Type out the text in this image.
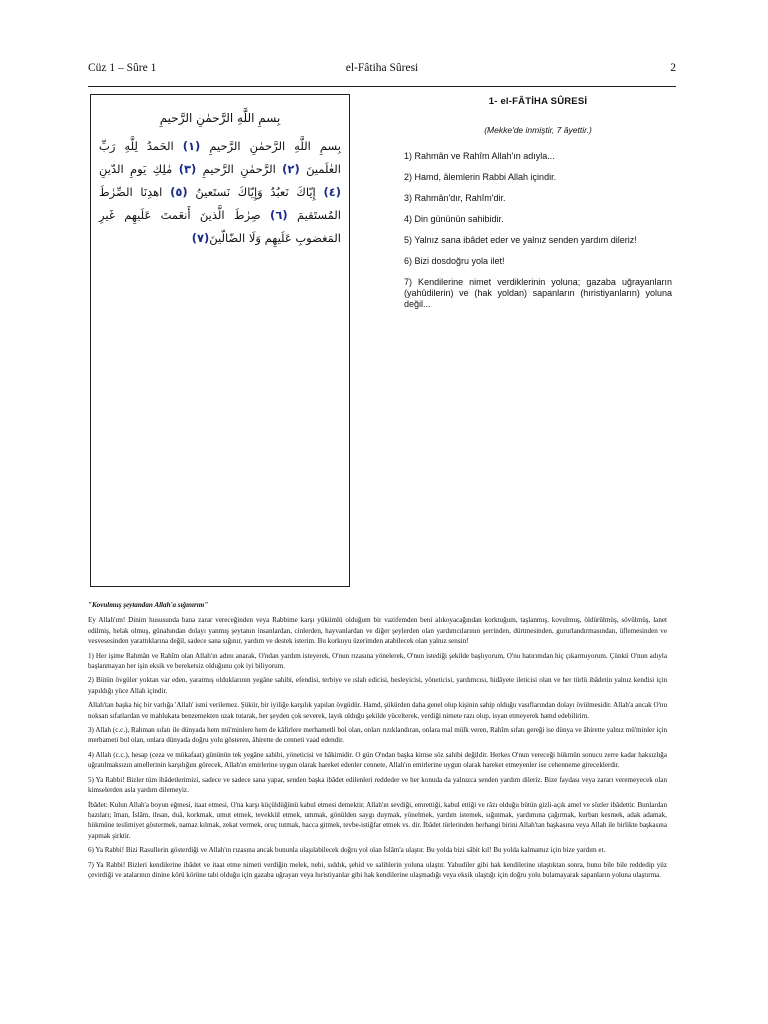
Cüz 1 – Sûre 1	el-Fâtiha Sûresi	2
بِسمِ اللَّهِ الرَّحمٰنِ الرَّحيمِ
بِسمِ اللَّهِ الرَّحمٰنِ الرَّحيمِ (١) الحَمدُ لِلَّهِ رَبِّ العٰلَمينَ (٢) الرَّحمٰنِ الرَّحيمِ (٣) مٰلِكِ يَومِ الدّينِ (٤) إِيّاكَ نَعبُدُ وَإِيّاكَ نَستَعينُ (٥) اهدِنَا الصِّرٰطَ المُستَقيمَ (٦) صِرٰطَ الَّذينَ أَنعَمتَ عَلَيهِم غَيرِ المَغضوبِ عَلَيهِم وَلَا الضّالّينَ(٧)

1- el-FÂTİHA SÛRESİ

(Mekke'de inmiştir, 7 âyettir.)

1) Rahmân ve Rahîm Allah'ın adıyla...

2) Hamd, âlemlerin Rabbi Allah içindir.

3) Rahmân'dır, Rahîm'dir.

4) Din gününün sahibidir.

5) Yalnız sana ibâdet eder ve yalnız senden yardım dileriz!

6) Bizi dosdoğru yola ilet!

7) Kendilerine nimet verdiklerinin yoluna; gazaba uğrayanların (yahûdilerin) ve (hak yoldan) sapanların (hıristiyanların) yoluna değil...

"Kovulmuş şeytandan Allah'a sığınırım"

Ey Allah'ım! Dinim hususunda bana zarar vereceğinden veya Rabbime karşı yükümlü olduğum bir vazifemden beni alıkoyacağından korktuğum, taşlanmış, kovulmuş, öldürülmüş, sövülmüş, lanet edilmiş, helak olmuş, günahından dolayı yanmış şeytanın insanlardan, cinlerden, hayvanlardan ve diğer şeylerden olan yardımcılarının şerrinden, dürtmesinden, gururlandırmasından, üflemesinden ve vesvesesinden yarattıklarına değil, sadece sana sığınır, yardım ve destek isterim. Bu korkuyu üzerimden atabilecek olan yalnız sensin!

1) Her işime Rahmân ve Rahîm olan Allah'ın adını anarak, O'ndan yardım isteyerek, O'nun rızasına yönelerek, O'nun istediği şekilde başlıyorum, O'nu hatırımdan hiç çıkarmıyorum. Çünkü O'nun adıyla başlanmayan her işin eksik ve bereketsiz olduğunu çok iyi biliyorum.

2) Bütün övgüler yoktan var eden, yaratmış olduklarının yegâne sahibi, efendisi, terbiye ve ıslah edicisi, besleyicisi, yöneticisi, yardımcısı, hidâyete ileticisi olan ve her türlü ibâdetin yalnız kendisi için yapıldığı yüce Allah içindir.

Allah'tan başka hiç bir varlığa 'Allah' ismi verilemez. Şükür, bir iyiliğe karşılık yapılan övgüdür. Hamd, şükürden daha genel olup kişinin sahip olduğu vasıflarından dolayı övülmesidir. Allah'a ancak O'nu noksan sıfatlardan ve mahlukata benzemekten uzak tutarak, her şeyden çok severek, layık olduğu şekilde yücelterek, verdiği nimete razı olup, isyan etmeyerek hamd edebilirim.

3) Allah (c.c.), Rahman sıfatı ile dünyada hem mü'minlere hem de kâfirlere merhametli bol olan, onları rızıklandıran, onlara mal mülk veren, Rahîm sıfatı gereği ise dünya ve âhirette yalnız mü'minler için merhameti bol olan, onlara dünyada doğru yolu gösteren, âhirette de cenneti vaad edendir.

4) Allah (c.c.), hesap (ceza ve mükafaat) gününün tek yegâne sahibi, yöneticisi ve hâkimidir. O gün O'ndan başka kimse söz sahibi değildir. Herkes O'nun vereceği hükmün sonucu zerre kadar haksızlığa uğratılmaksızın amellerinin karşılığını görecek, Allah'ın emirlerine uygun olarak hareket edenler cennete, Allah'ın emirlerine uygun olarak hareket etmeyenler ise cehenneme gireceklerdir.

5) Ya Rabbi! Bizler tüm ibâdetlerimizi, sadece ve sadece sana yapar, senden başka ibâdet edilenleri reddeder ve her konuda da yalnızca senden yardım dileriz. Bize faydası veya zararı veremeyecek olan kimselerden asla yardım dilemeyiz.

İbâdet: Kulun Allah'a boyun eğmesi, itaat etmesi, O'na karşı küçüldüğünü kabul etmesi demektir. Allah'ın sevdiği, emrettiği, kabul ettiği ve râzı olduğu bütün gizli-açık amel ve sözler ibâdettir. Bunlardan bazıları; îman, İslâm, ihsan, duâ, korkmak, umut etmek, tevekkül etmek, ummak, gönülden saygı duymak, yönelmek, yardım istemek, sığınmak, yardımına çağırmak, kurban kesmek, adak adamak, hükmüne teslimiyet göstermek, namaz kılmak, zekat vermek, oruç tutmak, hacca gitmek, tevbe-istiğfar etmek vs. dir. İbâdet türlerinden herhangi birini Allah'tan başkasına veya Allah ile birlikte başkasına yapmak şirktir.

6) Ya Rabbi! Bizi Rasullerin gösterdiği ve Allah'ın rızasına ancak bununla ulaşılabilecek doğru yol olan İslâm'a ulaştır. Bu yolda bizi sâbit kıl! Bu yolda kalmamız için bize yardım et.

7) Ya Rabbi! Bizleri kendilerine ibâdet ve itaat etme nimeti verdiğin melek, nebi, sıddık, şehid ve salihlerin yoluna ulaştır. Yahudiler gibi hak kendilerine ulaştıktan sonra, bunu bile bile reddedip yüz çevirdiği ve atalarının dinine körü körüne tabi olduğu için gazaba uğrayan veya hıristiyanlar gibi hak kendilerine ulaşmadığı veya eksik ulaştığı için doğru yolu bulamayarak sapanların yoluna ulaştırma.
